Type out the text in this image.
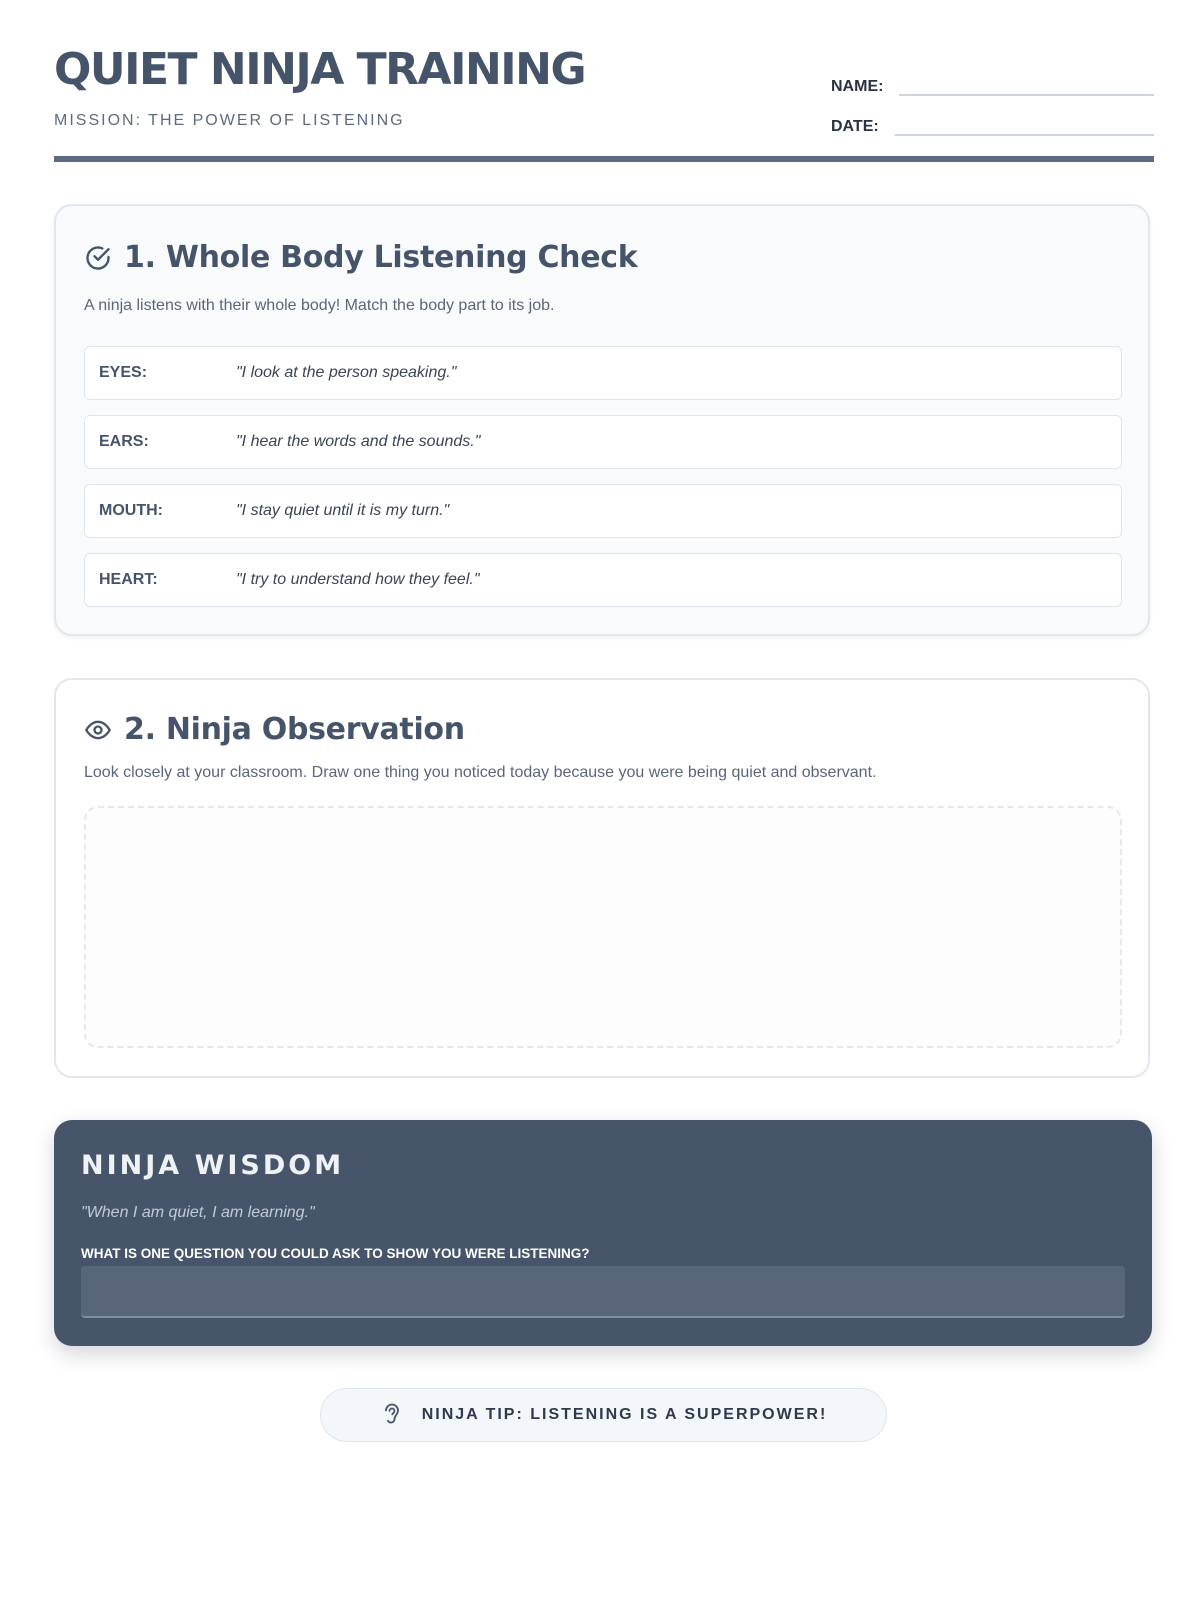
QUIET NINJA TRAINING
MISSION: THE POWER OF LISTENING
NAME:
DATE:
1. Whole Body Listening Check
A ninja listens with their whole body! Match the body part to its job.
EYES:	"I look at the person speaking."
EARS:	"I hear the words and the sounds."
MOUTH:	"I stay quiet until it is my turn."
HEART:	"I try to understand how they feel."
2. Ninja Observation
Look closely at your classroom. Draw one thing you noticed today because you were being quiet and observant.
NINJA WISDOM
"When I am quiet, I am learning."
WHAT IS ONE QUESTION YOU COULD ASK TO SHOW YOU WERE LISTENING?
NINJA TIP: LISTENING IS A SUPERPOWER!
